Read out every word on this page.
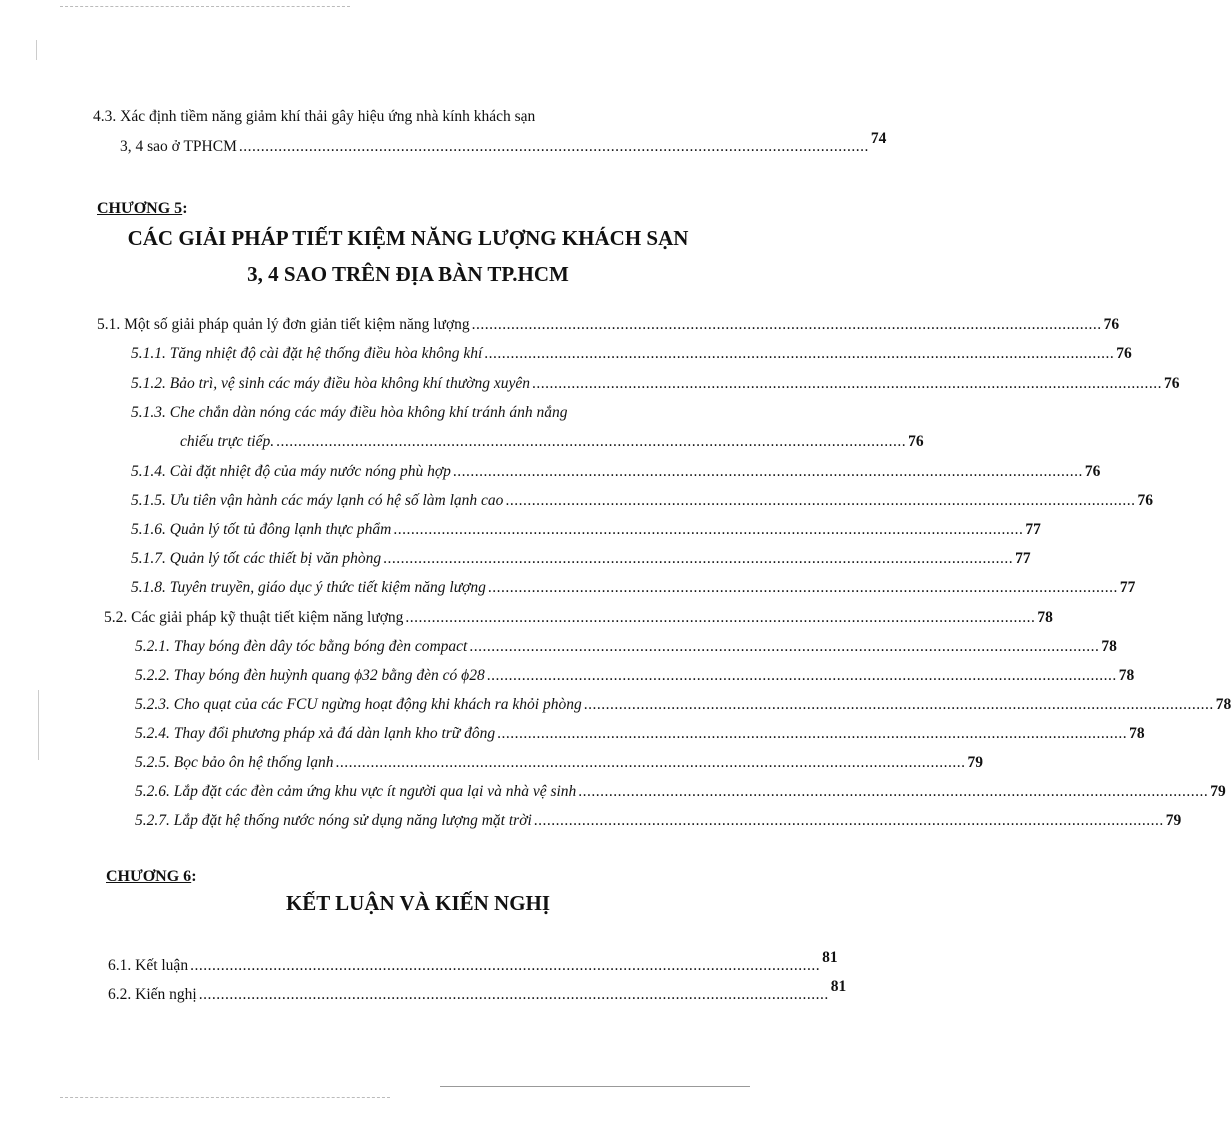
4.3. Xác định tiềm năng giảm khí thải gây hiệu ứng nhà kính khách sạn
3, 4 sao ở TPHCM ................................................................................................................................................ 74
CHƯƠNG 5:
CÁC GIẢI PHÁP TIẾT KIỆM NĂNG LƯỢNG KHÁCH SẠN
3, 4 SAO TRÊN ĐỊA BÀN TP.HCM
5.1. Một số giải pháp quản lý đơn giản tiết kiệm năng lượng ................................................................................................................................................ 76
5.1.1. Tăng nhiệt độ cài đặt hệ thống điều hòa không khí ................................................................................................................................................ 76
5.1.2. Bảo trì, vệ sinh các máy điều hòa không khí thường xuyên ................................................................................................................................................ 76
5.1.3. Che chắn dàn nóng các máy điều hòa không khí tránh ánh nắng
chiếu trực tiếp. ................................................................................................................................................ 76
5.1.4. Cài đặt nhiệt độ của máy nước nóng phù hợp ................................................................................................................................................ 76
5.1.5. Ưu tiên vận hành các máy lạnh có hệ số làm lạnh cao ................................................................................................................................................ 76
5.1.6. Quản lý tốt tủ đông lạnh thực phẩm ................................................................................................................................................ 77
5.1.7. Quản lý tốt các thiết bị văn phòng ................................................................................................................................................ 77
5.1.8. Tuyên truyền, giáo dục ý thức tiết kiệm năng lượng ................................................................................................................................................ 77
5.2. Các giải pháp kỹ thuật tiết kiệm năng lượng ................................................................................................................................................ 78
5.2.1. Thay bóng đèn dây tóc bằng bóng đèn compact ................................................................................................................................................ 78
5.2.2. Thay bóng đèn huỳnh quang ϕ32 bằng đèn có ϕ28 ................................................................................................................................................ 78
5.2.3. Cho quạt của các FCU ngừng hoạt động khi khách ra khỏi phòng ................................................................................................................................................ 78
5.2.4. Thay đổi phương pháp xả đá dàn lạnh kho trữ đông ................................................................................................................................................ 78
5.2.5. Bọc bảo ôn hệ thống lạnh ................................................................................................................................................ 79
5.2.6. Lắp đặt các đèn cảm ứng khu vực ít người qua lại và nhà vệ sinh ................................................................................................................................................ 79
5.2.7. Lắp đặt hệ thống nước nóng sử dụng năng lượng mặt trời ................................................................................................................................................ 79
CHƯƠNG 6:
KẾT LUẬN VÀ KIẾN NGHỊ
6.1. Kết luận ................................................................................................................................................ 81
6.2. Kiến nghị ................................................................................................................................................ 81
